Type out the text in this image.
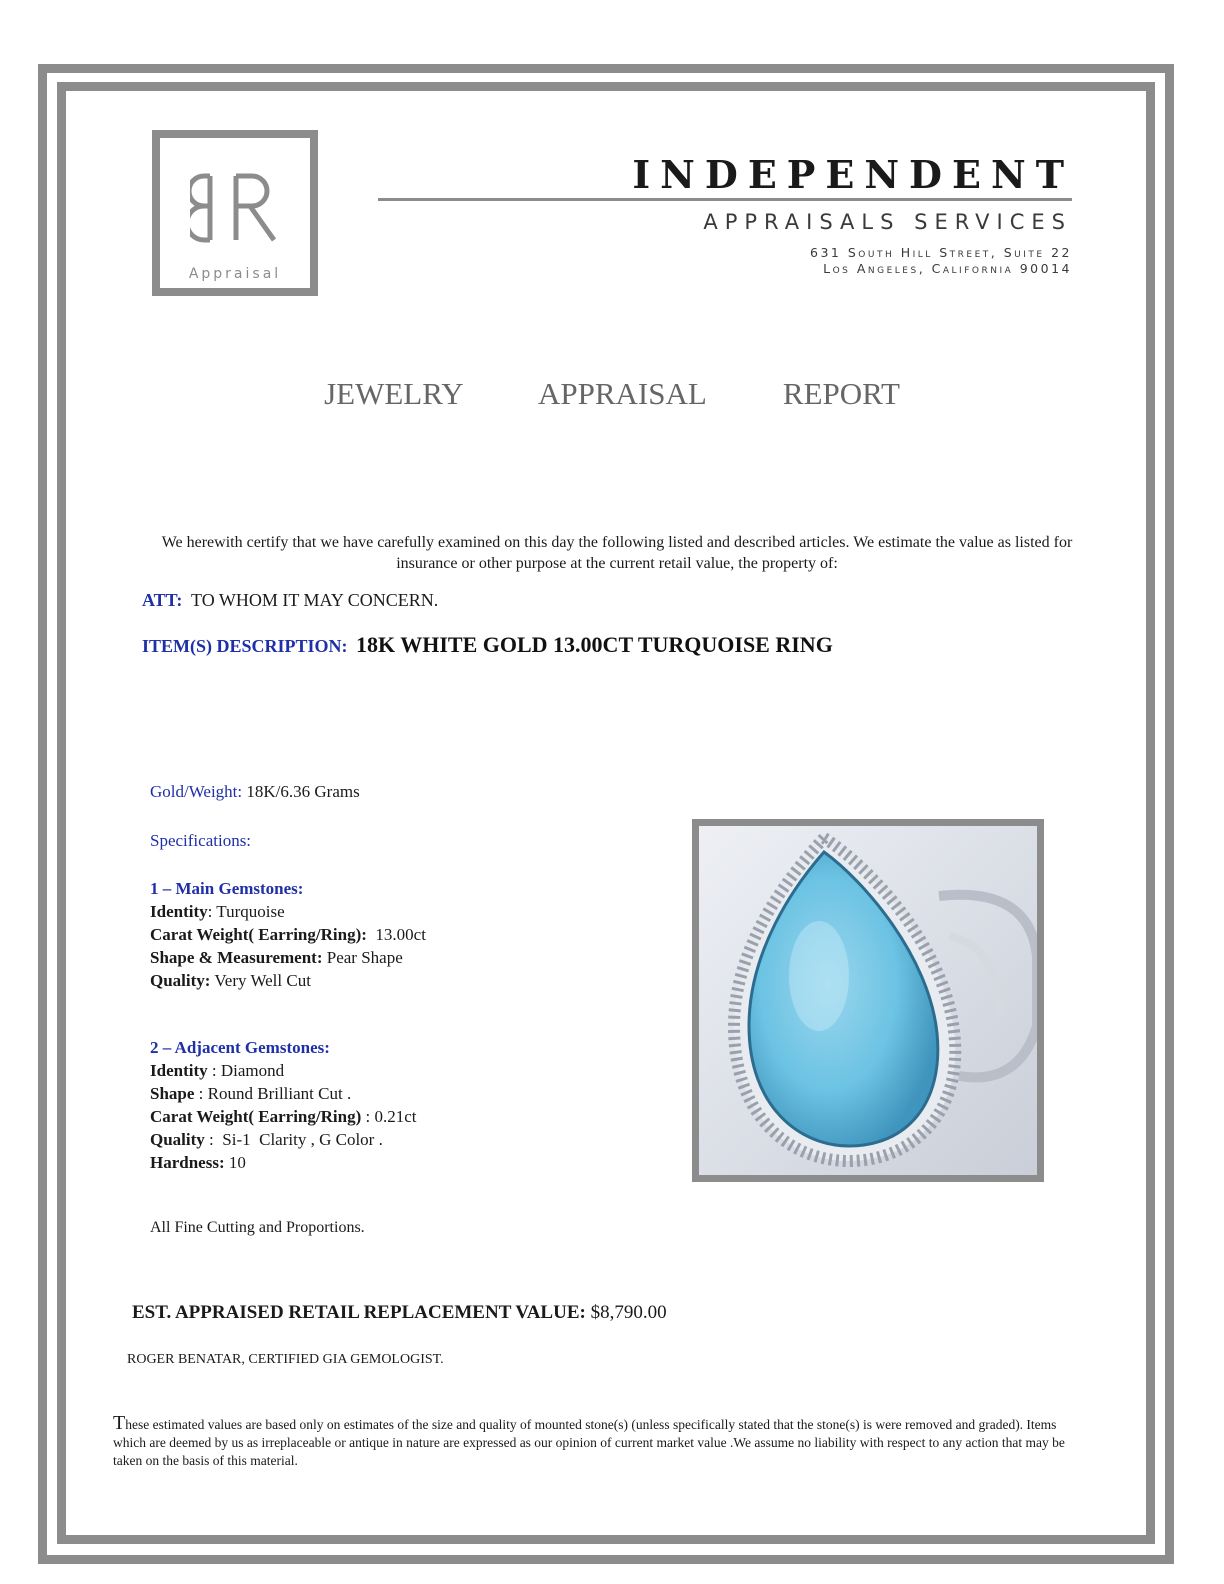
Appraisal
INDEPENDENT
APPRAISALS SERVICES
631 South Hill Street, Suite 22
Los Angeles, California 90014
JEWELRY   APPRAISAL   REPORT
We herewith certify that we have carefully examined on this day the following listed and described articles. We estimate the value as listed for insurance or other purpose at the current retail value, the property of:
ATT: TO WHOM IT MAY CONCERN.
ITEM(S) DESCRIPTION: 18K WHITE GOLD 13.00CT TURQUOISE RING
Gold/Weight: 18K/6.36 Grams
Specifications:
1 – Main Gemstones:
Identity: Turquoise
Carat Weight( Earring/Ring): 13.00ct
Shape & Measurement: Pear Shape
Quality: Very Well Cut
2 – Adjacent Gemstones:
Identity : Diamond
Shape : Round Brilliant Cut .
Carat Weight( Earring/Ring) : 0.21ct
Quality :  Si-1  Clarity , G Color .
Hardness: 10
All Fine Cutting and Proportions.
EST. APPRAISED RETAIL REPLACEMENT VALUE: $8,790.00
ROGER BENATAR, CERTIFIED GIA GEMOLOGIST.
These estimated values are based only on estimates of the size and quality of mounted stone(s) (unless specifically stated that the stone(s) is were removed and graded). Items which are deemed by us as irreplaceable or antique in nature are expressed as our opinion of current market value .We assume no liability with respect to any action that may be taken on the basis of this material.
